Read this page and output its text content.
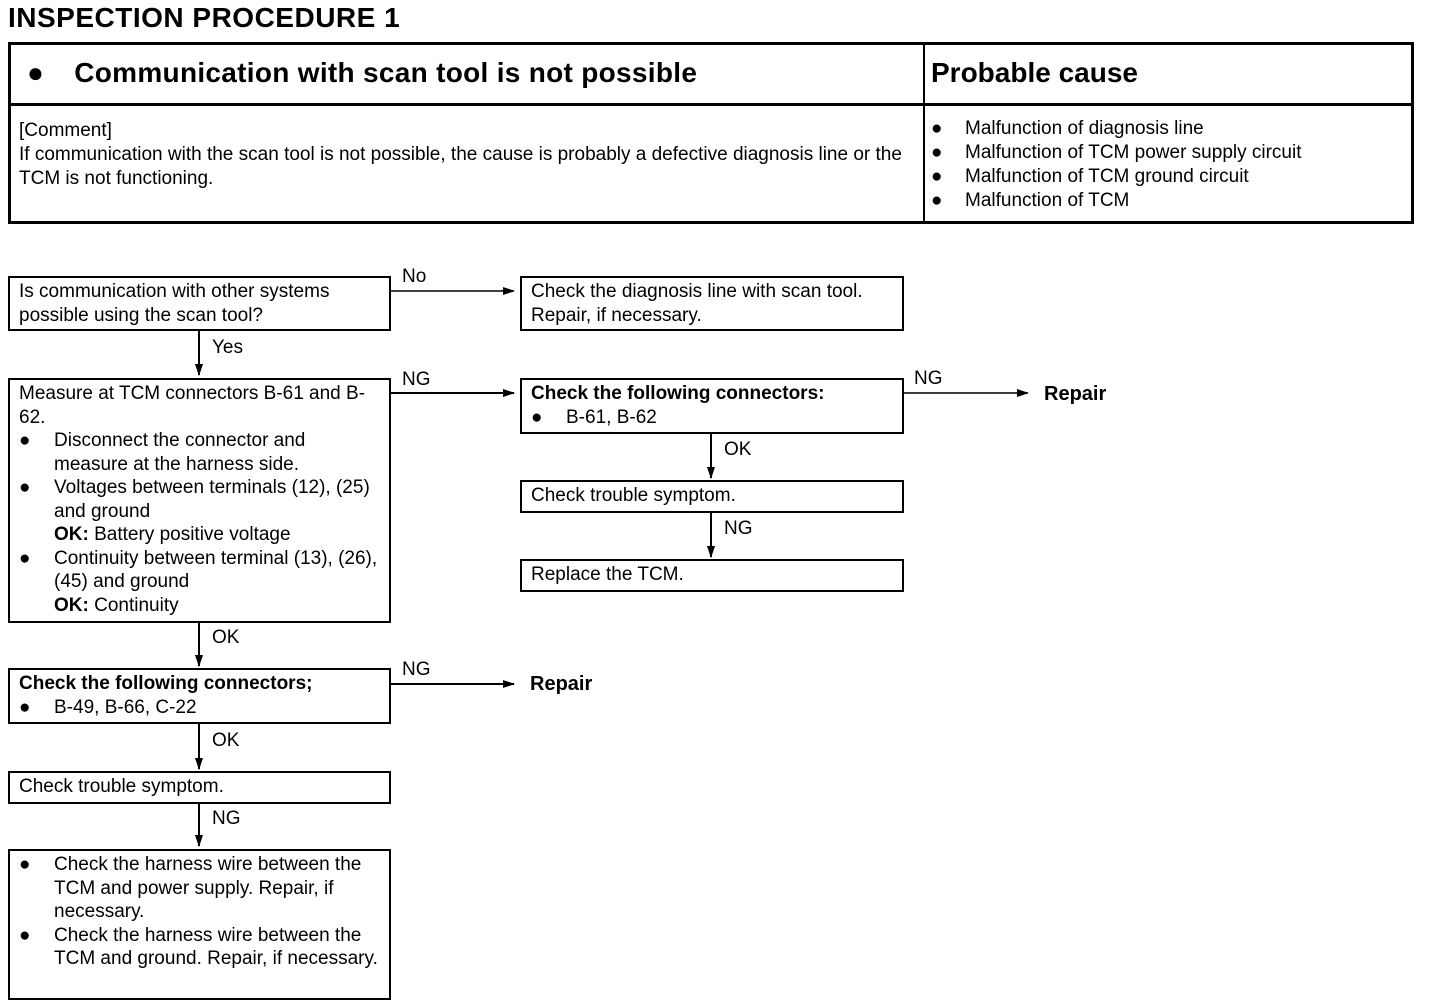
INSPECTION PROCEDURE 1
● Communication with scan tool is not possible	Probable cause
[Comment]
If communication with the scan tool is not possible, the cause is probably a defective diagnosis line or the TCM is not functioning.
●	Malfunction of diagnosis line
●	Malfunction of TCM power supply circuit
●	Malfunction of TCM ground circuit
●	Malfunction of TCM
Is communication with other systems possible using the scan tool?
No
Check the diagnosis line with scan tool. Repair, if necessary.
Yes
Measure at TCM connectors B-61 and B-62.
●	Disconnect the connector and measure at the harness side.
●	Voltages between terminals (12), (25) and ground
OK: Battery positive voltage
●	Continuity between terminal (13), (26), (45) and ground
OK: Continuity
NG
Check the following connectors:
●	B-61, B-62
NG
Repair
OK
Check trouble symptom.
NG
Replace the TCM.
OK
Check the following connectors;
●	B-49, B-66, C-22
NG
Repair
OK
Check trouble symptom.
NG
●	Check the harness wire between the TCM and power supply. Repair, if necessary.
●	Check the harness wire between the TCM and ground. Repair, if necessary.
